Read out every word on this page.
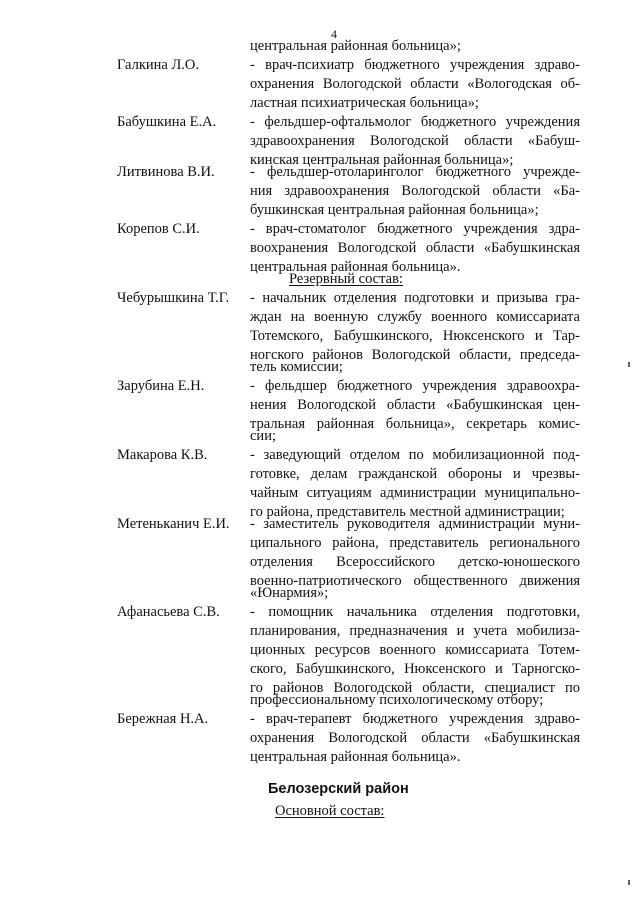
4
центральная районная больница»;
Галкина Л.О.	- врач-психиатр бюджетного учреждения здраво-
охранения Вологодской области «Вологодская об-
ластная психиатрическая больница»;
Бабушкина Е.А. - фельдшер-офтальмолог бюджетного учреждения
здравоохранения Вологодской области «Бабуш-
кинская центральная районная больница»;
Литвинова В.И. - фельдшер-отоларинголог бюджетного учрежде-
ния здравоохранения Вологодской области «Ба-
бушкинская центральная районная больница»;
Корепов С.И.	- врач-стоматолог бюджетного учреждения здра-
воохранения Вологодской области «Бабушкинская
центральная районная больница».
Резервный состав:
Чебурышкина Т.Г. - начальник отделения подготовки и призыва гра-
ждан на военную службу военного комиссариата
Тотемского, Бабушкинского, Нюксенского и Тар-
ногского районов Вологодской области, председа-
тель комиссии;
Зарубина Е.Н.	- фельдшер бюджетного учреждения здравоохра-
нения Вологодской области «Бабушкинская цен-
тральная районная больница», секретарь комис-
сии;
Макарова К.В.	- заведующий отделом по мобилизационной под-
готовке, делам гражданской обороны и чрезвы-
чайным ситуациям администрации муниципально-
го района, представитель местной администрации;
Метеньканич Е.И. - заместитель руководителя администрации муни-
ципального района, представитель регионального
отделения Всероссийского детско-юношеского
военно-патриотического общественного движения
«Юнармия»;
Афанасьева С.В. - помощник начальника отделения подготовки,
планирования, предназначения и учета мобилиза-
ционных ресурсов военного комиссариата Тотем-
ского, Бабушкинского, Нюксенского и Тарногско-
го районов Вологодской области, специалист по
профессиональному психологическому отбору;
Бережная Н.А.	- врач-терапевт бюджетного учреждения здраво-
охранения Вологодской области «Бабушкинская
центральная районная больница».
Белозерский район
Основной состав:
